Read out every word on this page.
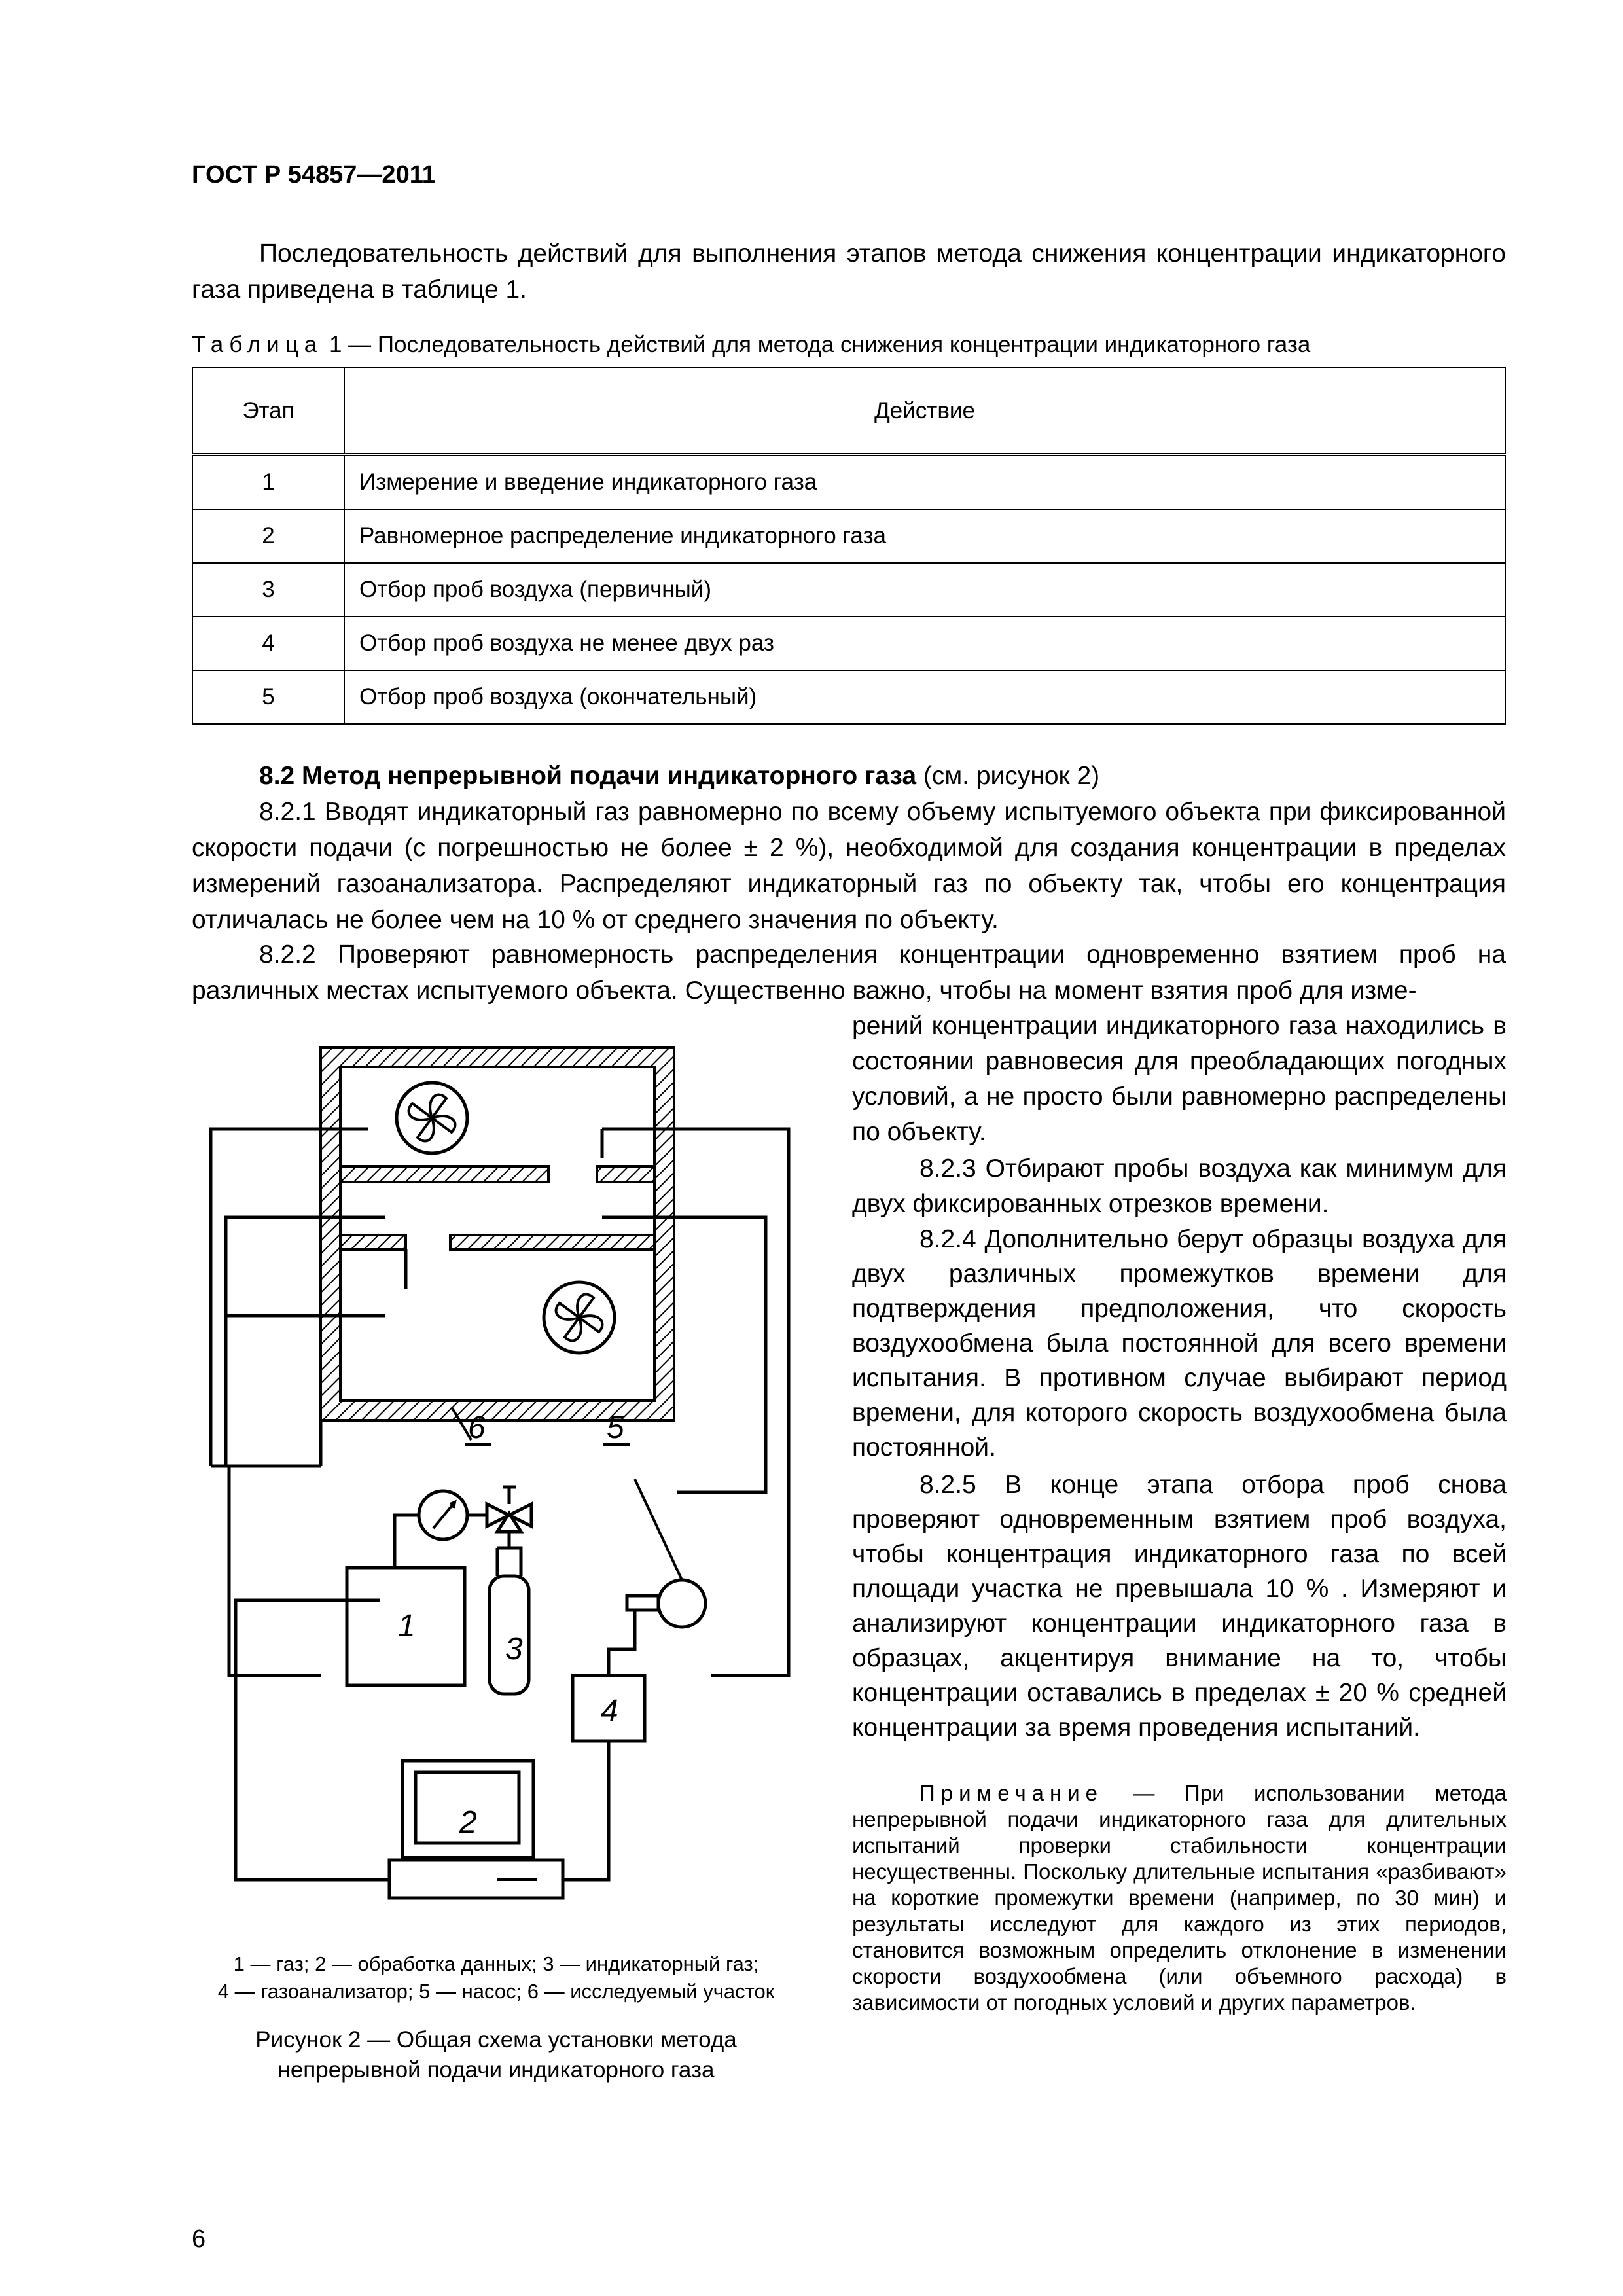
ГОСТ Р 54857—2011
Последовательность действий для выполнения этапов метода снижения концентрации индикаторного газа приведена в таблице 1.
Таблица 1 — Последовательность действий для метода снижения концентрации индикаторного газа
Этап	Действие
1	Измерение и введение индикаторного газа
2	Равномерное распределение индикаторного газа
3	Отбор проб воздуха (первичный)
4	Отбор проб воздуха не менее двух раз
5	Отбор проб воздуха (окончательный)
8.2 Метод непрерывной подачи индикаторного газа (см. рисунок 2)
8.2.1 Вводят индикаторный газ равномерно по всему объему испытуемого объекта при фиксированной скорости подачи (с погрешностью не более ± 2 %), необходимой для создания концентрации в пределах измерений газоанализатора. Распределяют индикаторный газ по объекту так, чтобы его концентрация отличалась не более чем на 10 % от среднего значения по объекту.
8.2.2 Проверяют равномерность распределения концентрации одновременно взятием проб на различных местах испытуемого объекта. Существенно важно, чтобы на момент взятия проб для изме-
рений концентрации индикаторного газа находились в состоянии равновесия для преобладающих погодных условий, а не просто были равномерно распределены по объекту.
8.2.3 Отбирают пробы воздуха как минимум для двух фиксированных отрезков времени.
8.2.4 Дополнительно берут образцы воздуха для двух различных промежутков времени для подтверждения предположения, что скорость воздухообмена была постоянной для всего времени испытания. В противном случае выбирают период времени, для которого скорость воздухообмена была постоянной.
8.2.5 В конце этапа отбора проб снова проверяют одновременным взятием проб воздуха, чтобы концентрация индикаторного газа по всей площади участка не превышала 10 % . Измеряют и анализируют концентрации индикаторного газа в образцах, акцентируя внимание на то, чтобы концентрации оставались в пределах ± 20 % средней концентрации за время проведения испытаний.
Примечание — При использовании метода непрерывной подачи индикаторного газа для длительных испытаний проверки стабильности концентрации несущественны. Поскольку длительные испытания «разбивают» на короткие промежутки времени (например, по 30 мин) и результаты исследуют для каждого из этих периодов, становится возможным определить отклонение в изменении скорости воздухообмена (или объемного расхода) в зависимости от погодных условий и других параметров.
6	5
1
2
3
4
1 — газ; 2 — обработка данных; 3 — индикаторный газ;
4 — газоанализатор; 5 — насос; 6 — исследуемый участок
Рисунок 2 — Общая схема установки метода
непрерывной подачи индикаторного газа
6
